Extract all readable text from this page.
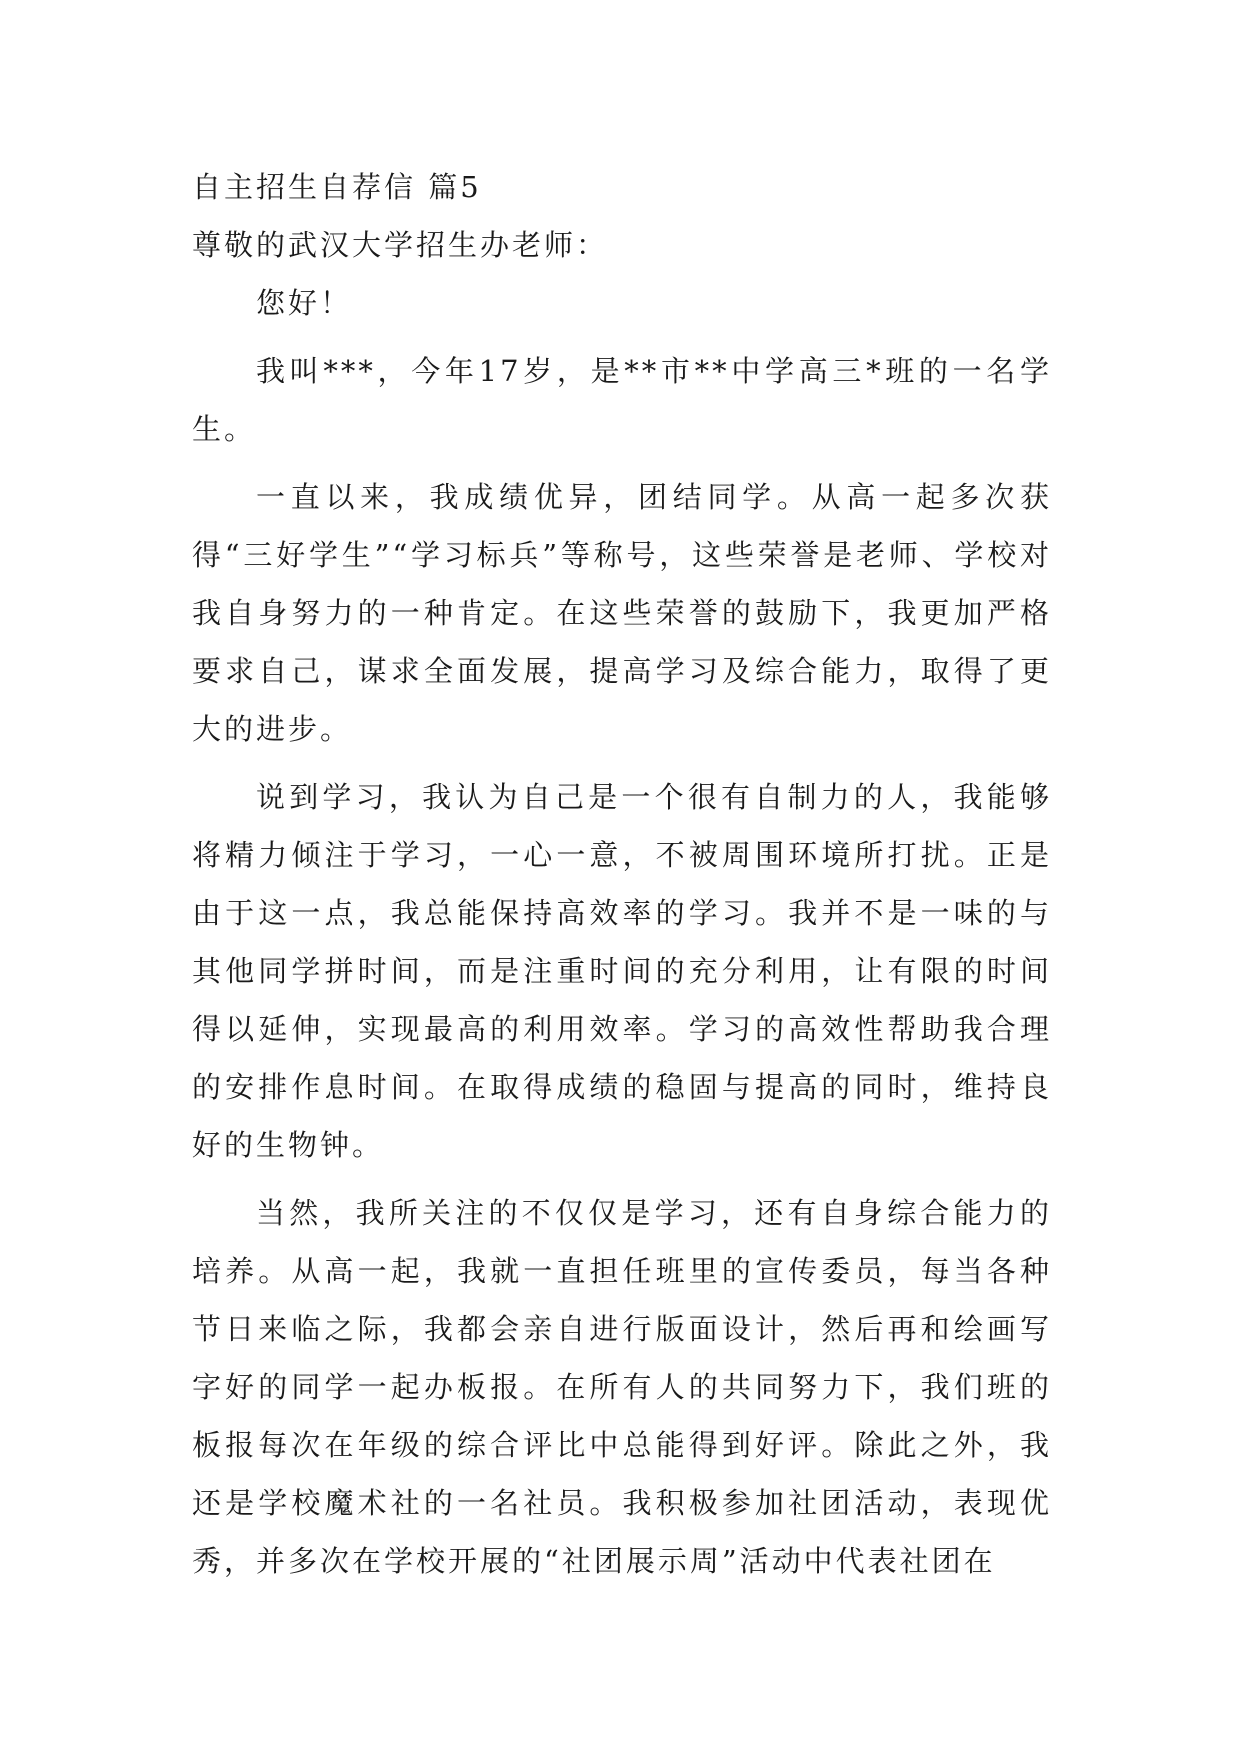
自主招生自荐信 篇5
尊敬的武汉大学招生办老师：
您好！

我叫***，今年17岁，是**市**中学高三*班的一名学生。

一直以来，我成绩优异，团结同学。从高一起多次获得“三好学生”“学习标兵”等称号，这些荣誉是老师、学校对我自身努力的一种肯定。在这些荣誉的鼓励下，我更加严格要求自己，谋求全面发展，提高学习及综合能力，取得了更大的进步。

说到学习，我认为自己是一个很有自制力的人，我能够将精力倾注于学习，一心一意，不被周围环境所打扰。正是由于这一点，我总能保持高效率的学习。我并不是一味的与其他同学拼时间，而是注重时间的充分利用，让有限的时间得以延伸，实现最高的利用效率。学习的高效性帮助我合理的安排作息时间。在取得成绩的稳固与提高的同时，维持良好的生物钟。

当然，我所关注的不仅仅是学习，还有自身综合能力的培养。从高一起，我就一直担任班里的宣传委员，每当各种节日来临之际，我都会亲自进行版面设计，然后再和绘画写字好的同学一起办板报。在所有人的共同努力下，我们班的板报每次在年级的综合评比中总能得到好评。除此之外，我还是学校魔术社的一名社员。我积极参加社团活动，表现优秀，并多次在学校开展的“社团展示周”活动中代表社团在
